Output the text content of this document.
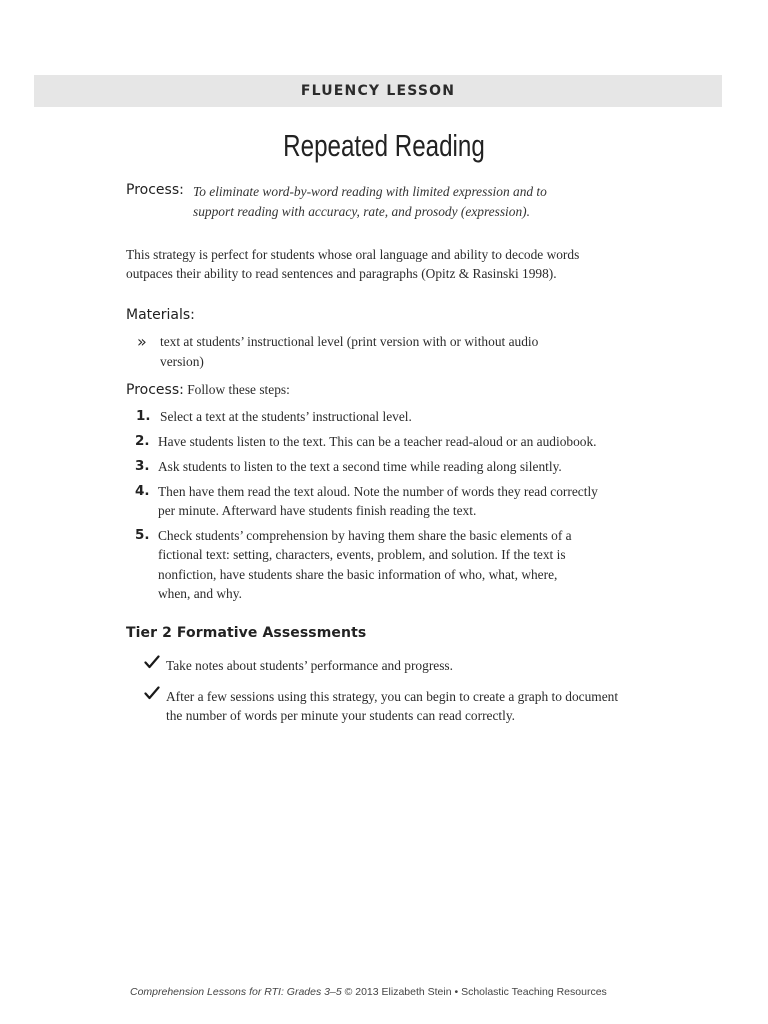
FLUENCY LESSON
Repeated Reading
Process: To eliminate word-by-word reading with limited expression and to support reading with accuracy, rate, and prosody (expression).
This strategy is perfect for students whose oral language and ability to decode words outpaces their ability to read sentences and paragraphs (Opitz & Rasinski 1998).
Materials:
» text at students’ instructional level (print version with or without audio version)
Process: Follow these steps:
1. Select a text at the students’ instructional level.
2. Have students listen to the text. This can be a teacher read-aloud or an audiobook.
3. Ask students to listen to the text a second time while reading along silently.
4. Then have them read the text aloud. Note the number of words they read correctly per minute. Afterward have students finish reading the text.
5. Check students’ comprehension by having them share the basic elements of a fictional text: setting, characters, events, problem, and solution. If the text is nonfiction, have students share the basic information of who, what, where, when, and why.
Tier 2 Formative Assessments
Take notes about students’ performance and progress.
After a few sessions using this strategy, you can begin to create a graph to document the number of words per minute your students can read correctly.
Comprehension Lessons for RTI: Grades 3–5 © 2013 Elizabeth Stein • Scholastic Teaching Resources
